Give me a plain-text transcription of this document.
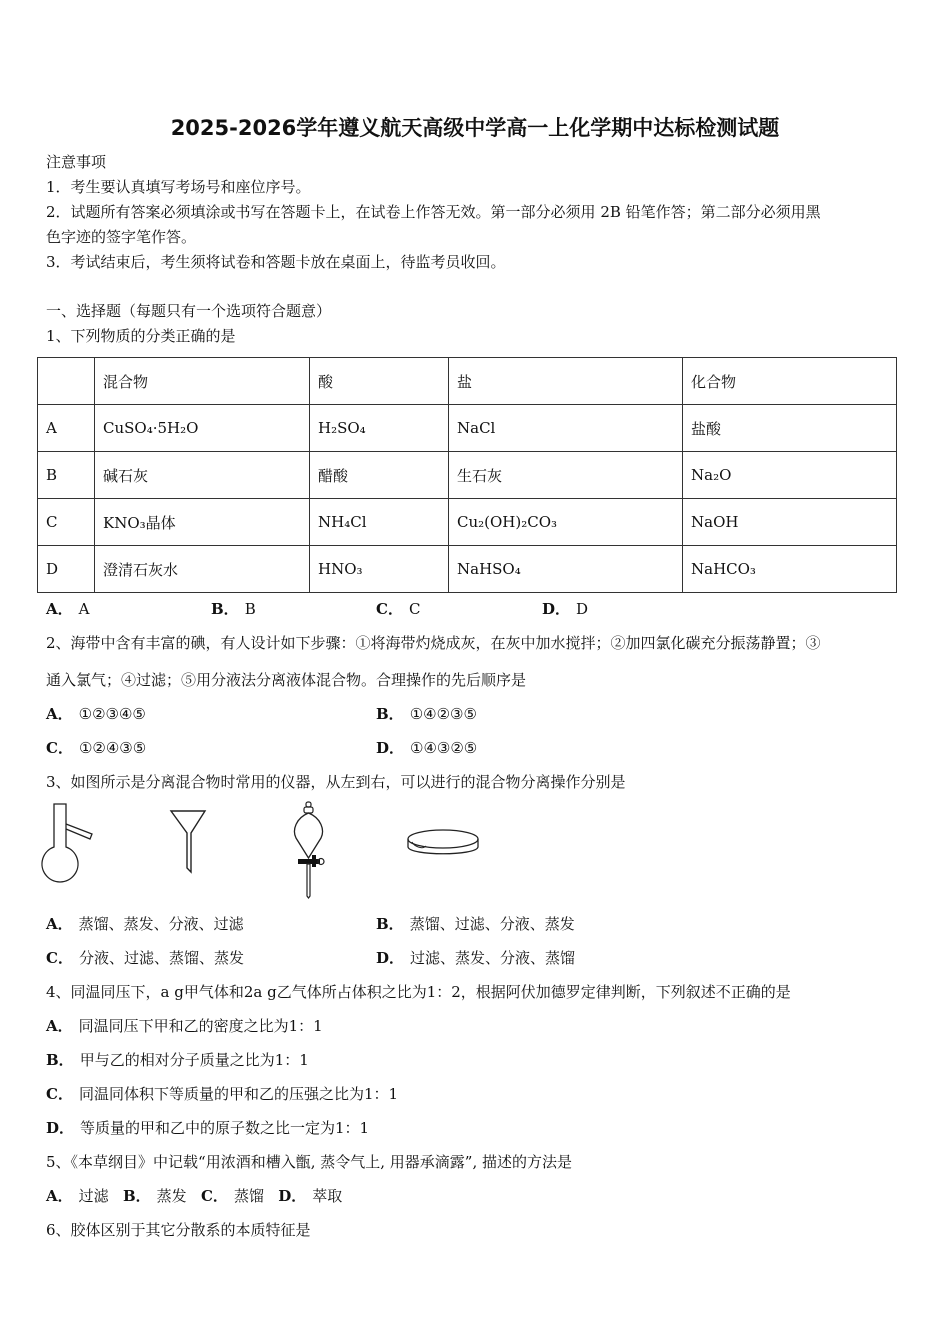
2025-2026学年遵义航天高级中学高一上化学期中达标检测试题
注意事项
1．考生要认真填写考场号和座位序号。
2．试题所有答案必须填涂或书写在答题卡上，在试卷上作答无效。第一部分必须用 2B 铅笔作答；第二部分必须用黑
色字迹的签字笔作答。
3．考试结束后，考生须将试卷和答题卡放在桌面上，待监考员收回。
一、选择题（每题只有一个选项符合题意）
1、下列物质的分类正确的是
	混合物	酸	盐	化合物
A	CuSO₄·5H₂O	H₂SO₄	NaCl	盐酸
B	碱石灰	醋酸	生石灰	Na₂O
C	KNO₃晶体	NH₄Cl	Cu₂(OH)₂CO₃	NaOH
D	澄清石灰水	HNO₃	NaHSO₄	NaHCO₃
A． A	B． B	C． C	D． D
2、海带中含有丰富的碘，有人设计如下步骤：①将海带灼烧成灰，在灰中加水搅拌；②加四氯化碳充分振荡静置；③
通入氯气；④过滤；⑤用分液法分离液体混合物。合理操作的先后顺序是
A． ①②③④⑤	B． ①④②③⑤
C． ①②④③⑤	D． ①④③②⑤
3、如图所示是分离混合物时常用的仪器，从左到右，可以进行的混合物分离操作分别是
A． 蒸馏、蒸发、分液、过滤	B． 蒸馏、过滤、分液、蒸发
C． 分液、过滤、蒸馏、蒸发	D． 过滤、蒸发、分液、蒸馏
4、同温同压下，a g甲气体和2a g乙气体所占体积之比为1：2，根据阿伏加德罗定律判断，下列叙述不正确的是
A． 同温同压下甲和乙的密度之比为1：1
B． 甲与乙的相对分子质量之比为1：1
C． 同温同体积下等质量的甲和乙的压强之比为1：1
D． 等质量的甲和乙中的原子数之比一定为1：1
5、《本草纲目》中记载“用浓酒和槽入甑, 蒸令气上, 用器承滴露”, 描述的方法是
A． 过滤 B． 蒸发 C． 蒸馏 D． 萃取
6、胶体区别于其它分散系的本质特征是
